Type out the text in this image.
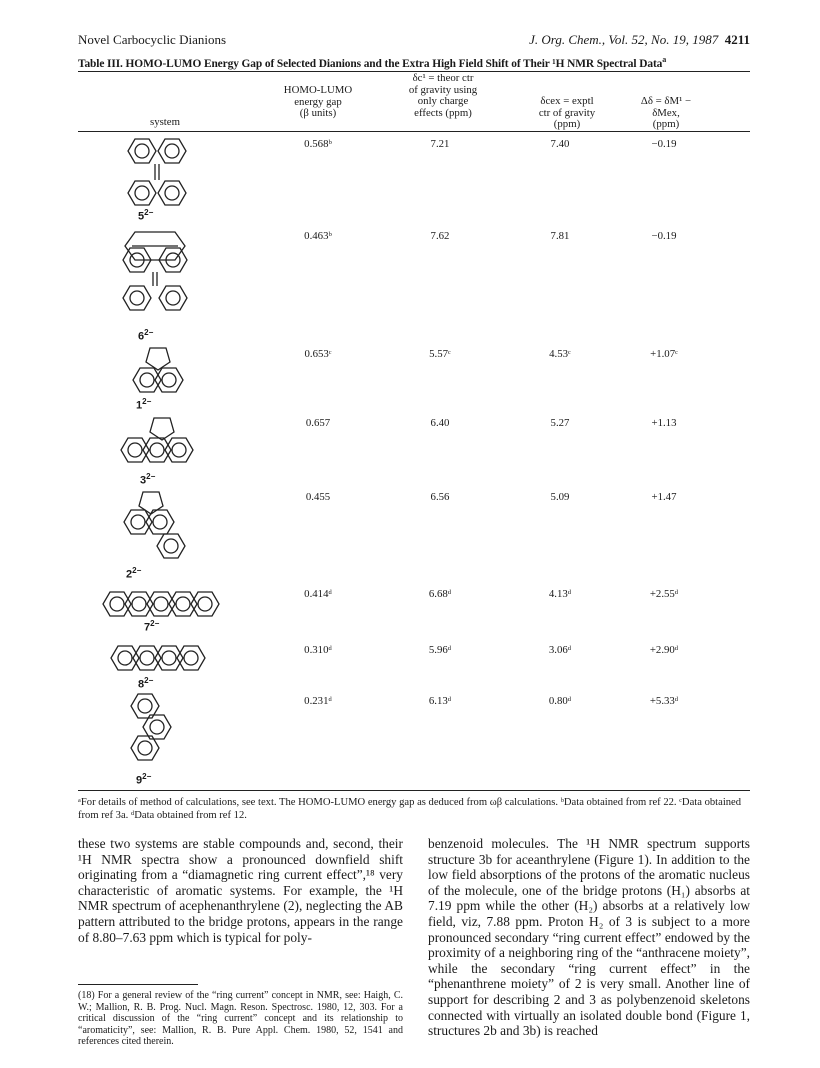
Novel Carbocyclic Dianions	J. Org. Chem., Vol. 52, No. 19, 1987 4211
Table III. HOMO-LUMO Energy Gap of Selected Dianions and the Extra High Field Shift of Their ¹H NMR Spectral Data$^a$
system
HOMO-LUMO
energy gap
(β units)
δc¹ = theor ctr
of gravity using
only charge
effects (ppm)
δcex = exptl
ctr of gravity
(ppm)
Δδ = δM¹ −
δMex,
(ppm)
0.568ᵇ	7.21	7.40	−0.19
0.463ᵇ	7.62	7.81	−0.19
0.653ᶜ	5.57ᶜ	4.53ᶜ	+1.07ᶜ
0.657	6.40	5.27	+1.13
0.455	6.56	5.09	+1.47
0.414ᵈ	6.68ᵈ	4.13ᵈ	+2.55ᵈ
0.310ᵈ	5.96ᵈ	3.06ᵈ	+2.90ᵈ
0.231ᵈ	6.13ᵈ	0.80ᵈ	+5.33ᵈ
$5^{2-}$
$6^{2-}$
$1^{2-}$
$3^{2-}$
$2^{2-}$
$7^{2-}$
$8^{2-}$
$9^{2-}$
ᵃFor details of method of calculations, see text. The HOMO-LUMO energy gap as deduced from ωβ calculations. ᵇData obtained from ref 22. ᶜData obtained from ref 3a. ᵈData obtained from ref 12.
these two systems are stable compounds and, second, their ¹H NMR spectra show a pronounced downfield shift originating from a “diamagnetic ring current effect”,¹⁸ very characteristic of aromatic systems. For example, the ¹H NMR spectrum of acephenanthrylene (2), neglecting the AB pattern attributed to the bridge protons, appears in the range of 8.80–7.63 ppm which is typical for poly-
benzenoid molecules. The ¹H NMR spectrum supports structure 3b for aceanthrylene (Figure 1). In addition to the low field absorptions of the protons of the aromatic nucleus of the molecule, one of the bridge protons (H₁) absorbs at 7.19 ppm while the other (H₂) absorbs at a relatively low field, viz, 7.88 ppm. Proton H₂ of 3 is subject to a more pronounced secondary “ring current effect” endowed by the proximity of a neighboring ring of the “anthracene moiety”, while the secondary “ring current effect” in the “phenanthrene moiety” of 2 is very small. Another line of support for describing 2 and 3 as polybenzenoid skeletons connected with virtually an isolated double bond (Figure 1, structures 2b and 3b) is reached
(18) For a general review of the “ring current” concept in NMR, see: Haigh, C. W.; Mallion, R. B. Prog. Nucl. Magn. Reson. Spectrosc. 1980, 12, 303. For a critical discussion of the “ring current” concept and its relationship to “aromaticity”, see: Mallion, R. B. Pure Appl. Chem. 1980, 52, 1541 and references cited therein.
